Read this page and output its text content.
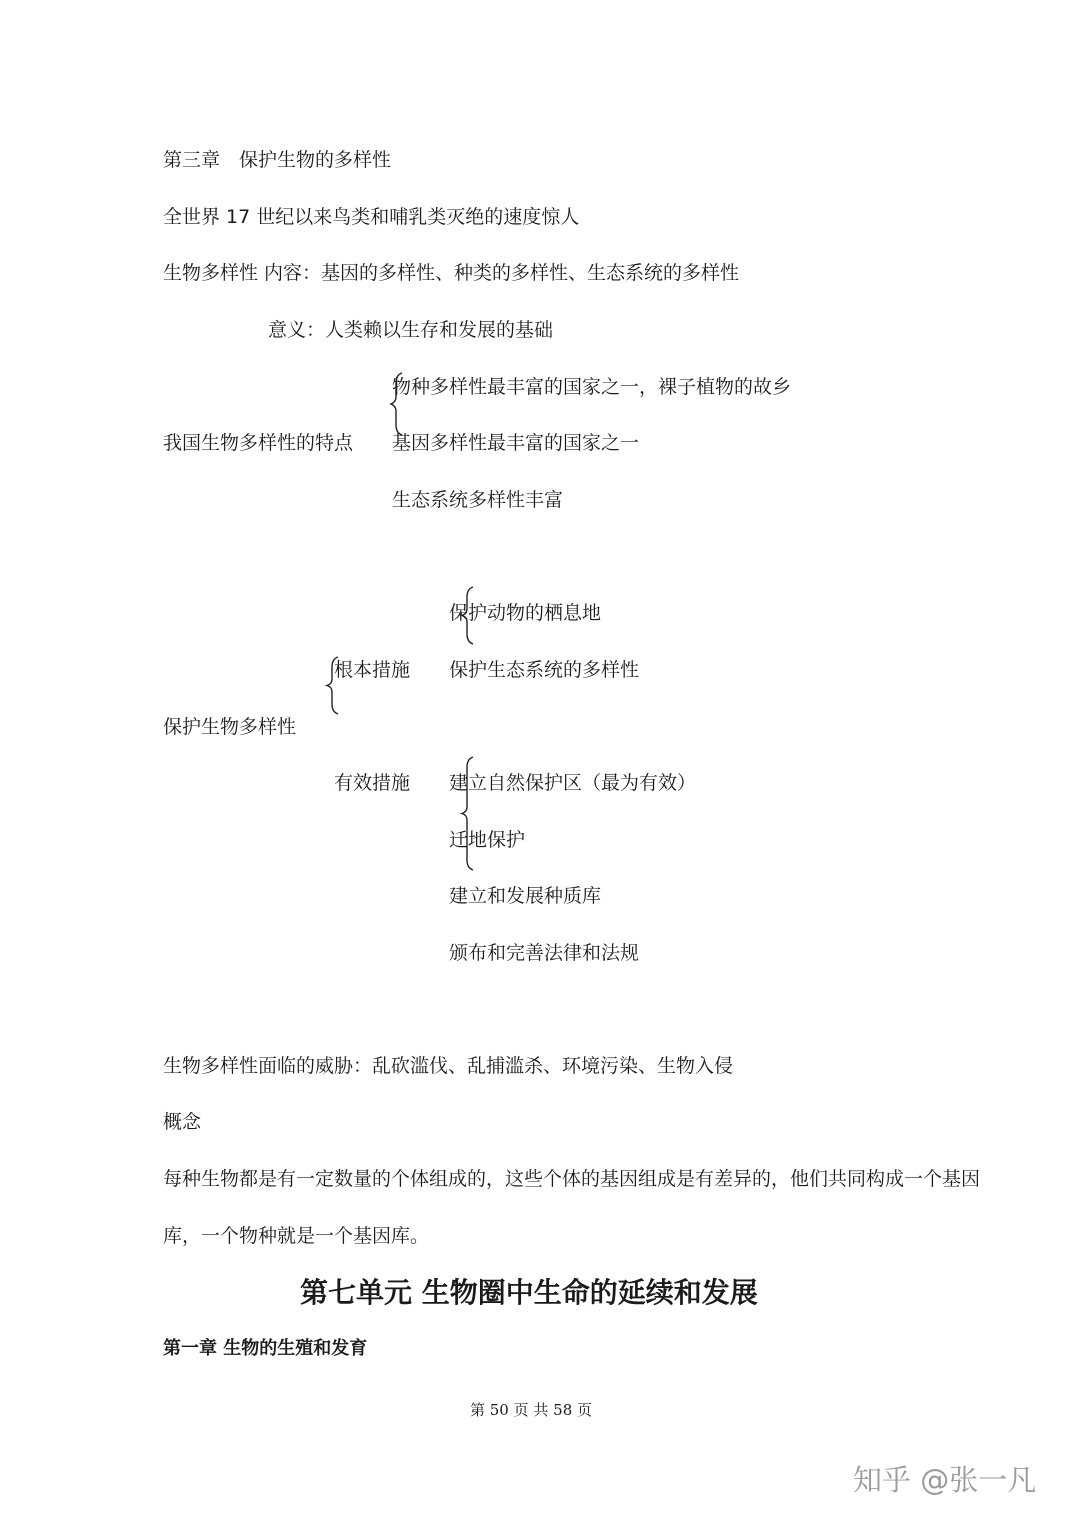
第三章　保护生物的多样性
全世界 17 世纪以来鸟类和哺乳类灭绝的速度惊人
生物多样性 内容：基因的多样性、种类的多样性、生态系统的多样性
意义：人类赖以生存和发展的基础
物种多样性最丰富的国家之一，裸子植物的故乡
我国生物多样性的特点 基因多样性最丰富的国家之一
生态系统多样性丰富
保护动物的栖息地
根本措施 保护生态系统的多样性
保护生物多样性
有效措施 建立自然保护区（最为有效）
迁地保护
建立和发展种质库
颁布和完善法律和法规
生物多样性面临的威胁：乱砍滥伐、乱捕滥杀、环境污染、生物入侵
概念
每种生物都是有一定数量的个体组成的，这些个体的基因组成是有差异的，他们共同构成一个基因
库，一个物种就是一个基因库。
第七单元 生物圈中生命的延续和发展
第一章 生物的生殖和发育
第 50 页 共 58 页
知乎 @张一凡
